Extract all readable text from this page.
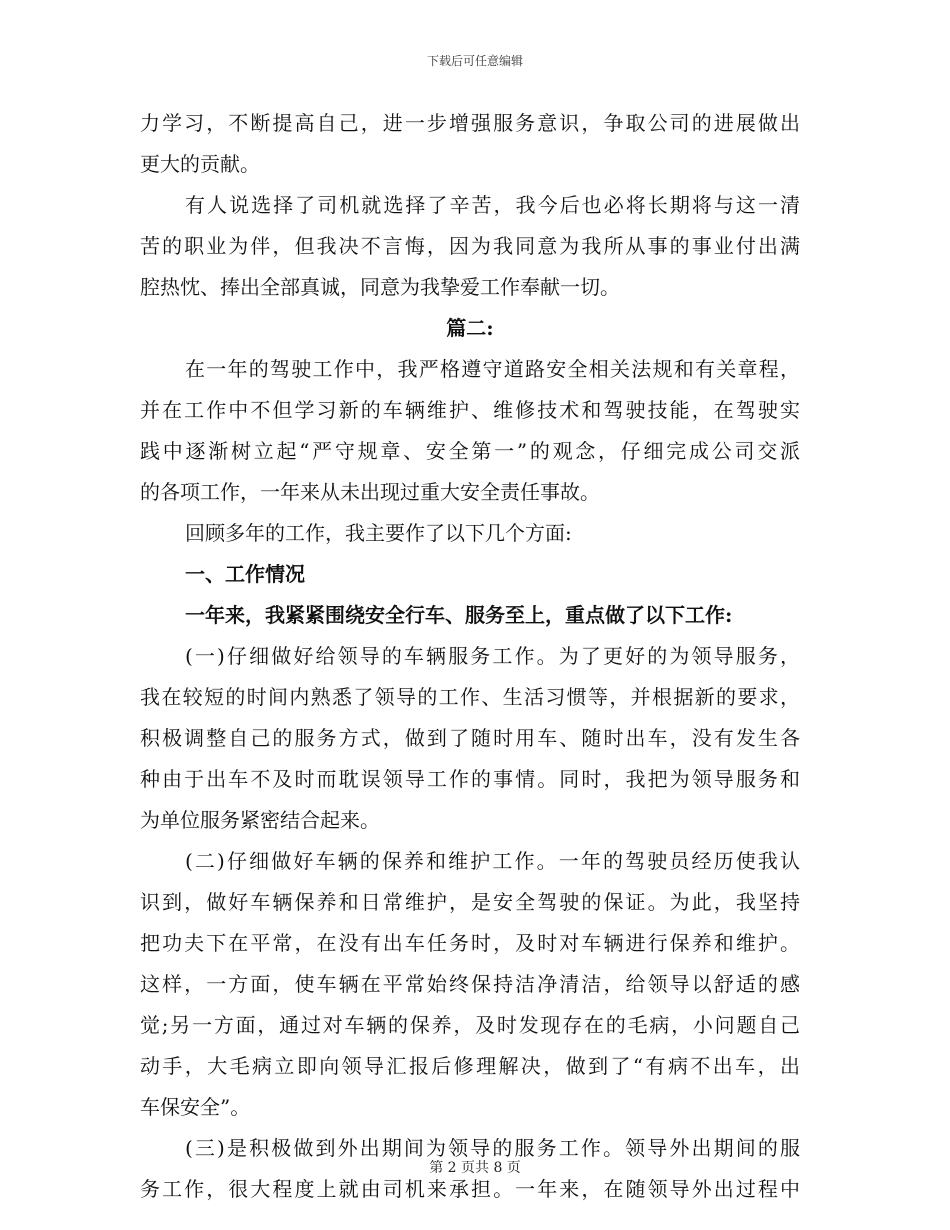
下载后可任意编辑
力学习，不断提高自己，进一步增强服务意识，争取公司的进展做出
更大的贡献。
有人说选择了司机就选择了辛苦，我今后也必将长期将与这一清
苦的职业为伴，但我决不言悔，因为我同意为我所从事的事业付出满
腔热忱、捧出全部真诚，同意为我挚爱工作奉献一切。
篇二:
在一年的驾驶工作中，我严格遵守道路安全相关法规和有关章程，
并在工作中不但学习新的车辆维护、维修技术和驾驶技能，在驾驶实
践中逐渐树立起“严守规章、安全第一”的观念，仔细完成公司交派
的各项工作，一年来从未出现过重大安全责任事故。
回顾多年的工作，我主要作了以下几个方面:
一、工作情况
一年来，我紧紧围绕安全行车、服务至上，重点做了以下工作:
(一)仔细做好给领导的车辆服务工作。为了更好的为领导服务，
我在较短的时间内熟悉了领导的工作、生活习惯等，并根据新的要求，
积极调整自己的服务方式，做到了随时用车、随时出车，没有发生各
种由于出车不及时而耽误领导工作的事情。同时，我把为领导服务和
为单位服务紧密结合起来。
(二)仔细做好车辆的保养和维护工作。一年的驾驶员经历使我认
识到，做好车辆保养和日常维护，是安全驾驶的保证。为此，我坚持
把功夫下在平常，在没有出车任务时，及时对车辆进行保养和维护。
这样，一方面，使车辆在平常始终保持洁净清洁，给领导以舒适的感
觉;另一方面，通过对车辆的保养，及时发现存在的毛病，小问题自己
动手，大毛病立即向领导汇报后修理解决，做到了“有病不出车，出
车保安全”。
(三)是积极做到外出期间为领导的服务工作。领导外出期间的服
务工作，很大程度上就由司机来承担。一年来，在随领导外出过程中
第 2 页共 8 页
